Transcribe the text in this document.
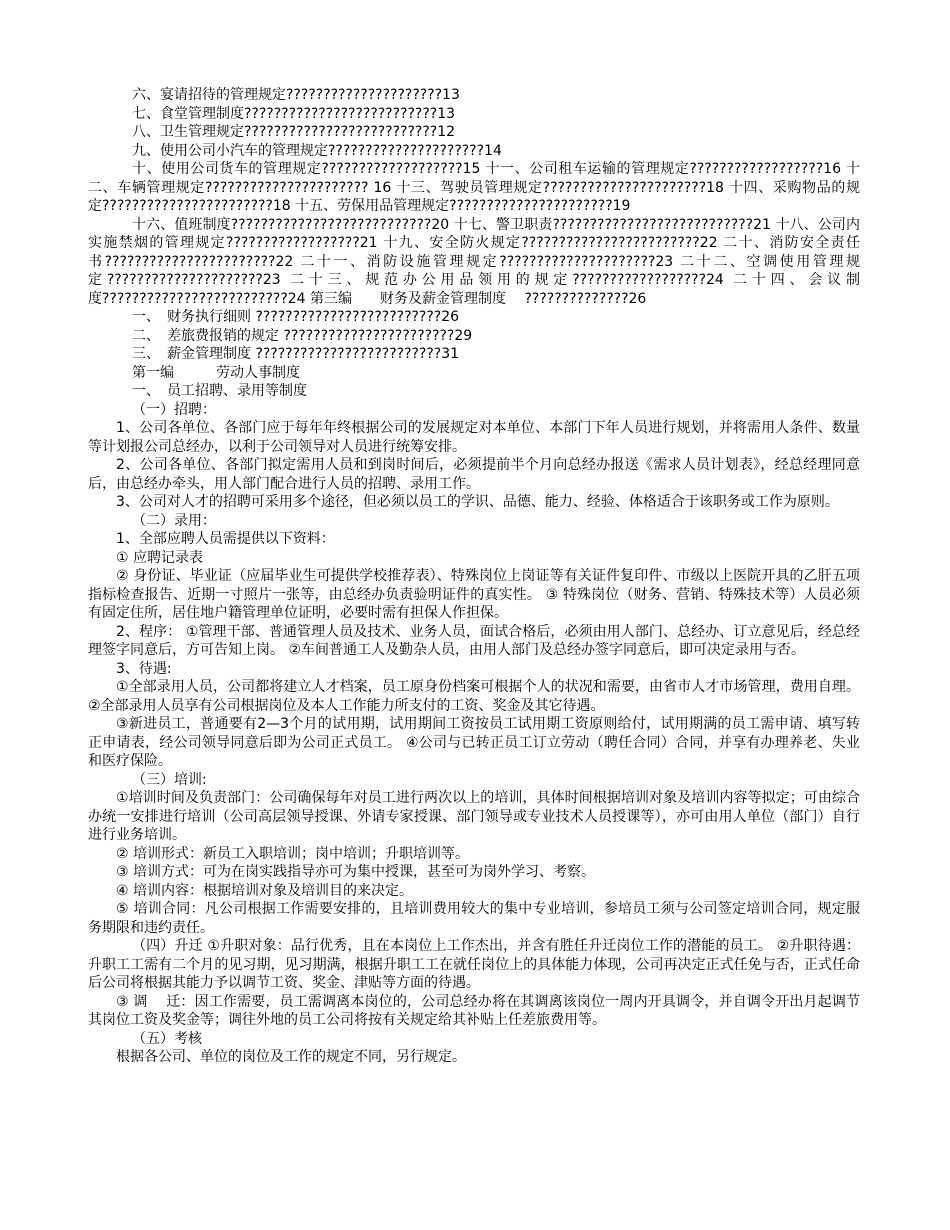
六、宴请招待的管理规定?????????????????????13

七、食堂管理制度??????????????????????????13

八、卫生管理规定??????????????????????????12

九、使用公司小汽车的管理规定?????????????????????14

十、使用公司货车的管理规定???????????????????15 十一、公司租车运输的管理规定??????????????????16 十二、车辆管理规定?????????????????????? 16 十三、驾驶员管理规定??????????????????????18 十四、采购物品的规定???????????????????????18 十五、劳保用品管理规定??????????????????????19

十六、值班制度???????????????????????????20 十七、警卫职责???????????????????????????21 十八、公司内实施禁烟的管理规定??????????????????21 十九、安全防火规定????????????????????????22 二十、消防安全责任书???????????????????????22 二十一、消防设施管理规定?????????????????????23 二十二、空调使用管理规定?????????????????????23 二十三、规范办公用品领用的规定??????????????????24 二十四、会议制度?????????????????????????24 第三编　　财务及薪金管理制度　 ??????????????26

一、　财务执行细则 ?????????????????????????26

二、　差旅费报销的规定 ???????????????????????29

三、　薪金管理制度 ?????????????????????????31

第一编　　　劳动人事制度

一、　员工招聘、录用等制度

（一）招聘：

1、公司各单位、各部门应于每年年终根据公司的发展规定对本单位、本部门下年人员进行规划，并将需用人条件、数量等计划报公司总经办，以利于公司领导对人员进行统筹安排。

2、公司各单位、各部门拟定需用人员和到岗时间后，必须提前半个月向总经办报送《需求人员计划表》，经总经理同意后，由总经办牵头，用人部门配合进行人员的招聘、录用工作。

3、公司对人才的招聘可采用多个途径，但必须以员工的学识、品德、能力、经验、体格适合于该职务或工作为原则。

（二）录用：

1、全部应聘人员需提供以下资料：

① 应聘记录表

② 身份证、毕业证（应届毕业生可提供学校推荐表）、特殊岗位上岗证等有关证件复印件、市级以上医院开具的乙肝五项指标检查报告、近期一寸照片一张等，由总经办负责验明证件的真实性。 ③ 特殊岗位（财务、营销、特殊技术等）人员必须有固定住所，居住地户籍管理单位证明，必要时需有担保人作担保。

2、程序： ①管理干部、普通管理人员及技术、业务人员，面试合格后，必须由用人部门、总经办、订立意见后，经总经理签字同意后，方可告知上岗。 ②车间普通工人及勤杂人员，由用人部门及总经办签字同意后，即可决定录用与否。

3、待遇:

①全部录用人员，公司都将建立人才档案，员工原身份档案可根据个人的状况和需要，由省市人才市场管理，费用自理。 ②全部录用人员享有公司根据岗位及本人工作能力所支付的工资、奖金及其它待遇。

③新进员工，普通要有2—3个月的试用期，试用期间工资按员工试用期工资原则给付，试用期满的员工需申请、填写转正申请表，经公司领导同意后即为公司正式员工。 ④公司与已转正员工订立劳动（聘任合同）合同，并享有办理养老、失业和医疗保险。

（三）培训:

①培训时间及负责部门：公司确保每年对员工进行两次以上的培训，具体时间根据培训对象及培训内容等拟定；可由综合办统一安排进行培训（公司高层领导授课、外请专家授课、部门领导或专业技术人员授课等），亦可由用人单位（部门）自行进行业务培训。

② 培训形式：新员工入职培训；岗中培训；升职培训等。

③ 培训方式：可为在岗实践指导亦可为集中授课，甚至可为岗外学习、考察。

④ 培训内容：根据培训对象及培训目的来决定。

⑤ 培训合同：凡公司根据工作需要安排的，且培训费用较大的集中专业培训，参培员工须与公司签定培训合同，规定服务期限和违约责任。

（四）升迁 ①升职对象：品行优秀，且在本岗位上工作杰出，并含有胜任升迁岗位工作的潜能的员工。 ②升职待遇：升职工工需有二个月的见习期，见习期满，根据升职工工在就任岗位上的具体能力体现，公司再决定正式任免与否，正式任命后公司将根据其能力予以调节工资、奖金、津贴等方面的待遇。

③ 调　 迁：因工作需要，员工需调离本岗位的，公司总经办将在其调离该岗位一周内开具调令，并自调令开出月起调节其岗位工资及奖金等；调往外地的员工公司将按有关规定给其补贴上任差旅费用等。

（五）考核

根据各公司、单位的岗位及工作的规定不同，另行规定。
